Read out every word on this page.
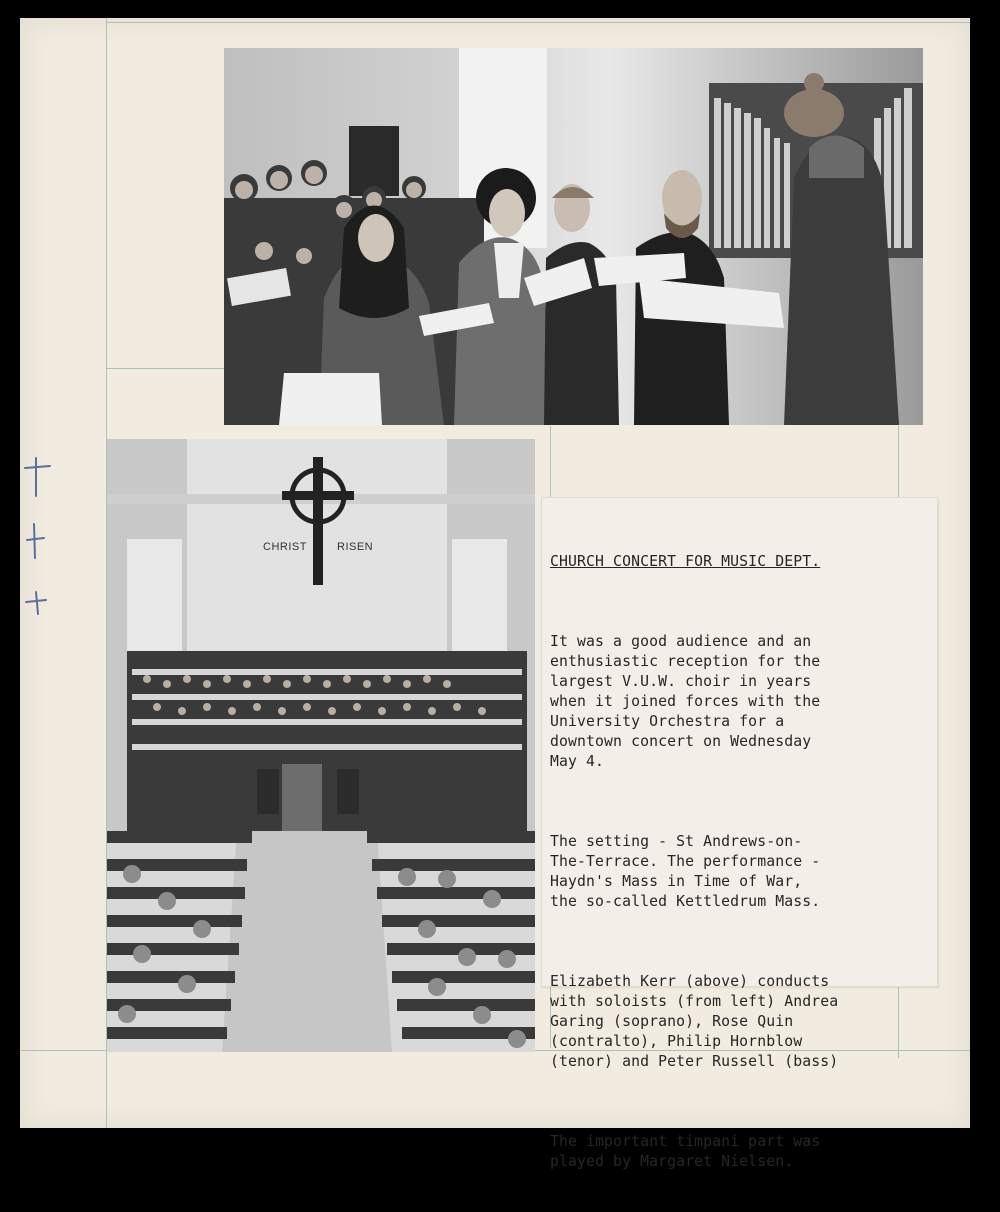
CHRIST	RISEN

CHURCH CONCERT FOR MUSIC DEPT.

It was a good audience and an
enthusiastic reception for the
largest V.U.W. choir in years
when it joined forces with the
University Orchestra for a
downtown concert on Wednesday
May 4.

The setting - St Andrews-on-
The-Terrace. The performance -
Haydn's Mass in Time of War,
the so-called Kettledrum Mass.

Elizabeth Kerr (above) conducts
with soloists (from left) Andrea
Garing (soprano), Rose Quin
(contralto), Philip Hornblow
(tenor) and Peter Russell (bass)

The important timpani part was
played by Margaret Nielsen.
